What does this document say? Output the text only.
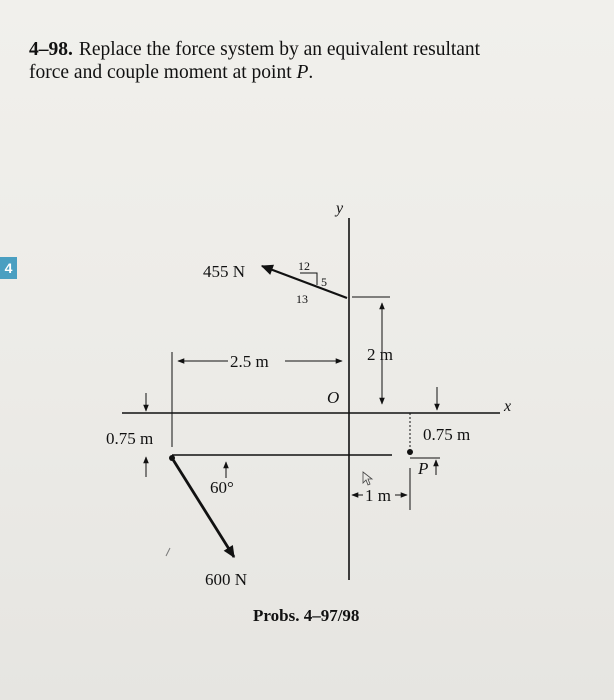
4
4–98. Replace the force system by an equivalent resultant
force and couple moment at point P.
455 N	12
5
13
2.5 m	2 m
O
y
x
0.75 m
60°
600 N
1 m
0.75 m
P
Probs. 4–97/98
